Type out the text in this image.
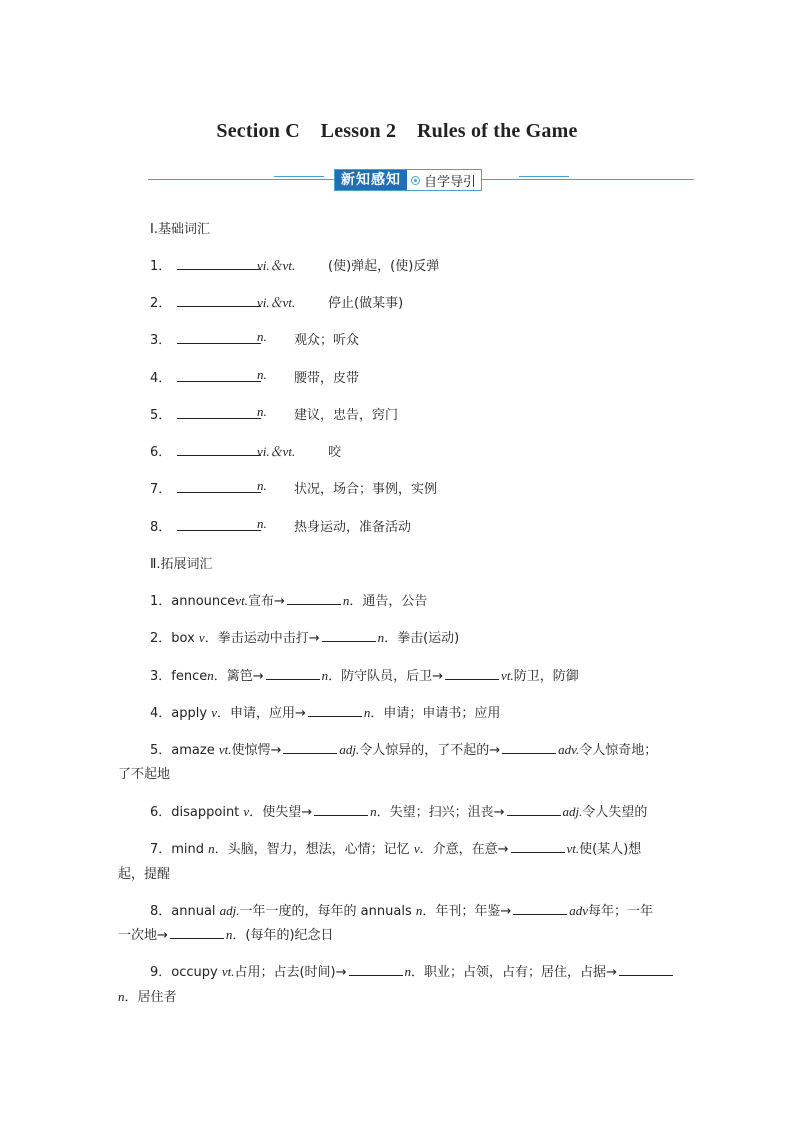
Section C    Lesson 2    Rules of the Game
新知感知	自学导引
Ⅰ.基础词汇
1．	vi.＆vt.	(使)弹起，(使)反弹
2．	vi.＆vt.	停止(做某事)
3．	n. 观众；听众
4．	n. 腰带，皮带
5．	n. 建议，忠告，窍门
6．	vi.＆vt.	咬
7．	n. 状况，场合；事例，实例
8．	n. 热身运动，准备活动
Ⅱ.拓展词汇
1．announcevt.宣布→	n．通告，公告
2．box v．拳击运动中击打→	n．拳击(运动)
3．fencen．篱笆→	n．防守队员，后卫→	vt.防卫，防御
4．apply v．申请，应用→	n．申请；申请书；应用
5．amaze vt.使惊愕→	adj.令人惊异的，了不起的→	adv.令人惊奇地；
了不起地
6．disappoint v．使失望→	n．失望；扫兴；沮丧→	adj.令人失望的
7．mind n．头脑，智力，想法，心情；记忆 v．介意，在意→	vt.使(某人)想
起，提醒
8．annual adj.一年一度的，每年的 annuals n．年刊；年鉴→	adv每年；一年
一次地→	n．(每年的)纪念日
9．occupy vt.占用；占去(时间)→	n．职业；占领，占有；居住，占据→
n．居住者
